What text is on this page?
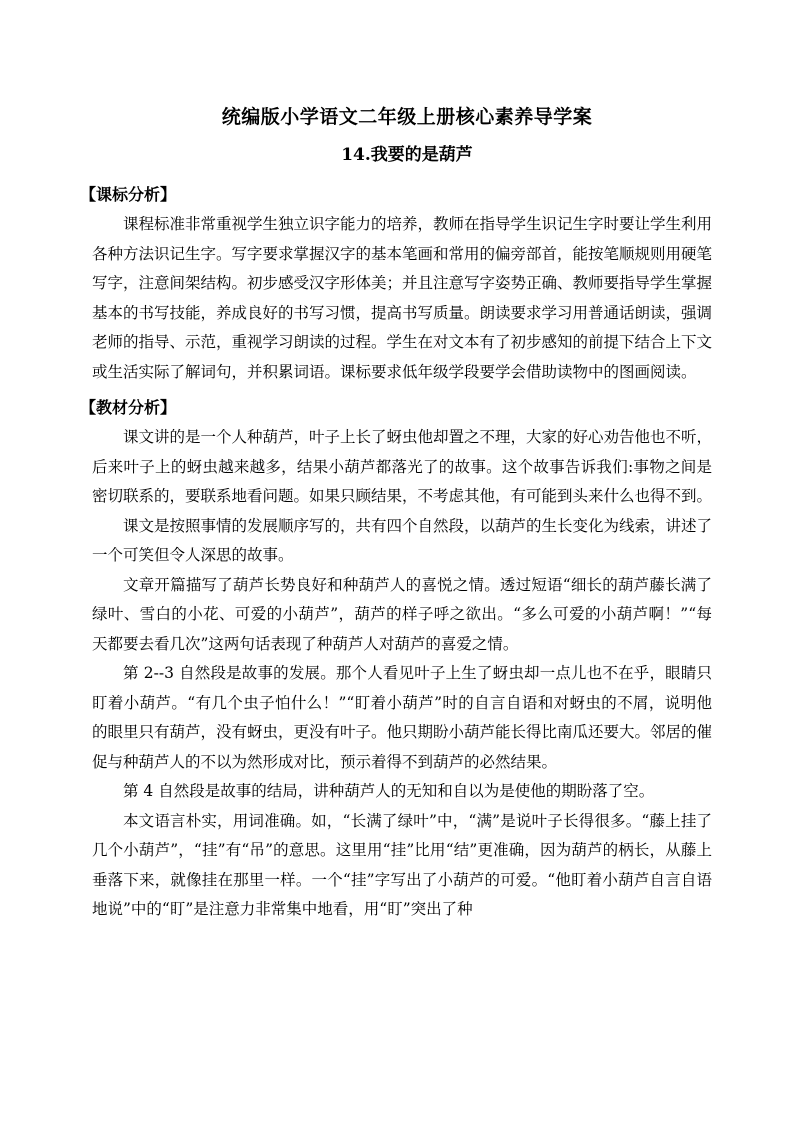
统编版小学语文二年级上册核心素养导学案
14.我要的是葫芦
【课标分析】

课程标准非常重视学生独立识字能力的培养，教师在指导学生识记生字时要让学生利用各种方法识记生字。写字要求掌握汉字的基本笔画和常用的偏旁部首，能按笔顺规则用硬笔写字，注意间架结构。初步感受汉字形体美；并且注意写字姿势正确、教师要指导学生掌握基本的书写技能，养成良好的书写习惯，提高书写质量。朗读要求学习用普通话朗读，强调老师的指导、示范，重视学习朗读的过程。学生在对文本有了初步感知的前提下结合上下文或生活实际了解词句，并积累词语。课标要求低年级学段要学会借助读物中的图画阅读。

【教材分析】

课文讲的是一个人种葫芦，叶子上长了蚜虫他却置之不理，大家的好心劝告他也不听，后来叶子上的蚜虫越来越多，结果小葫芦都落光了的故事。这个故事告诉我们:事物之间是密切联系的，要联系地看问题。如果只顾结果，不考虑其他，有可能到头来什么也得不到。

课文是按照事情的发展顺序写的，共有四个自然段，以葫芦的生长变化为线索，讲述了一个可笑但令人深思的故事。

文章开篇描写了葫芦长势良好和种葫芦人的喜悦之情。透过短语“细长的葫芦藤长满了绿叶、雪白的小花、可爱的小葫芦”，葫芦的样子呼之欲出。“多么可爱的小葫芦啊！”“每天都要去看几次”这两句话表现了种葫芦人对葫芦的喜爱之情。

第 2--3 自然段是故事的发展。那个人看见叶子上生了蚜虫却一点儿也不在乎，眼睛只盯着小葫芦。“有几个虫子怕什么！”“盯着小葫芦”时的自言自语和对蚜虫的不屑，说明他的眼里只有葫芦，没有蚜虫，更没有叶子。他只期盼小葫芦能长得比南瓜还要大。邻居的催促与种葫芦人的不以为然形成对比，预示着得不到葫芦的必然结果。

第 4 自然段是故事的结局，讲种葫芦人的无知和自以为是使他的期盼落了空。

本文语言朴实，用词准确。如，“长满了绿叶”中，“满”是说叶子长得很多。“藤上挂了几个小葫芦”，“挂”有“吊”的意思。这里用“挂”比用“结”更准确，因为葫芦的柄长，从藤上垂落下来，就像挂在那里一样。一个“挂”字写出了小葫芦的可爱。“他盯着小葫芦自言自语地说”中的“盯”是注意力非常集中地看，用“盯”突出了种
